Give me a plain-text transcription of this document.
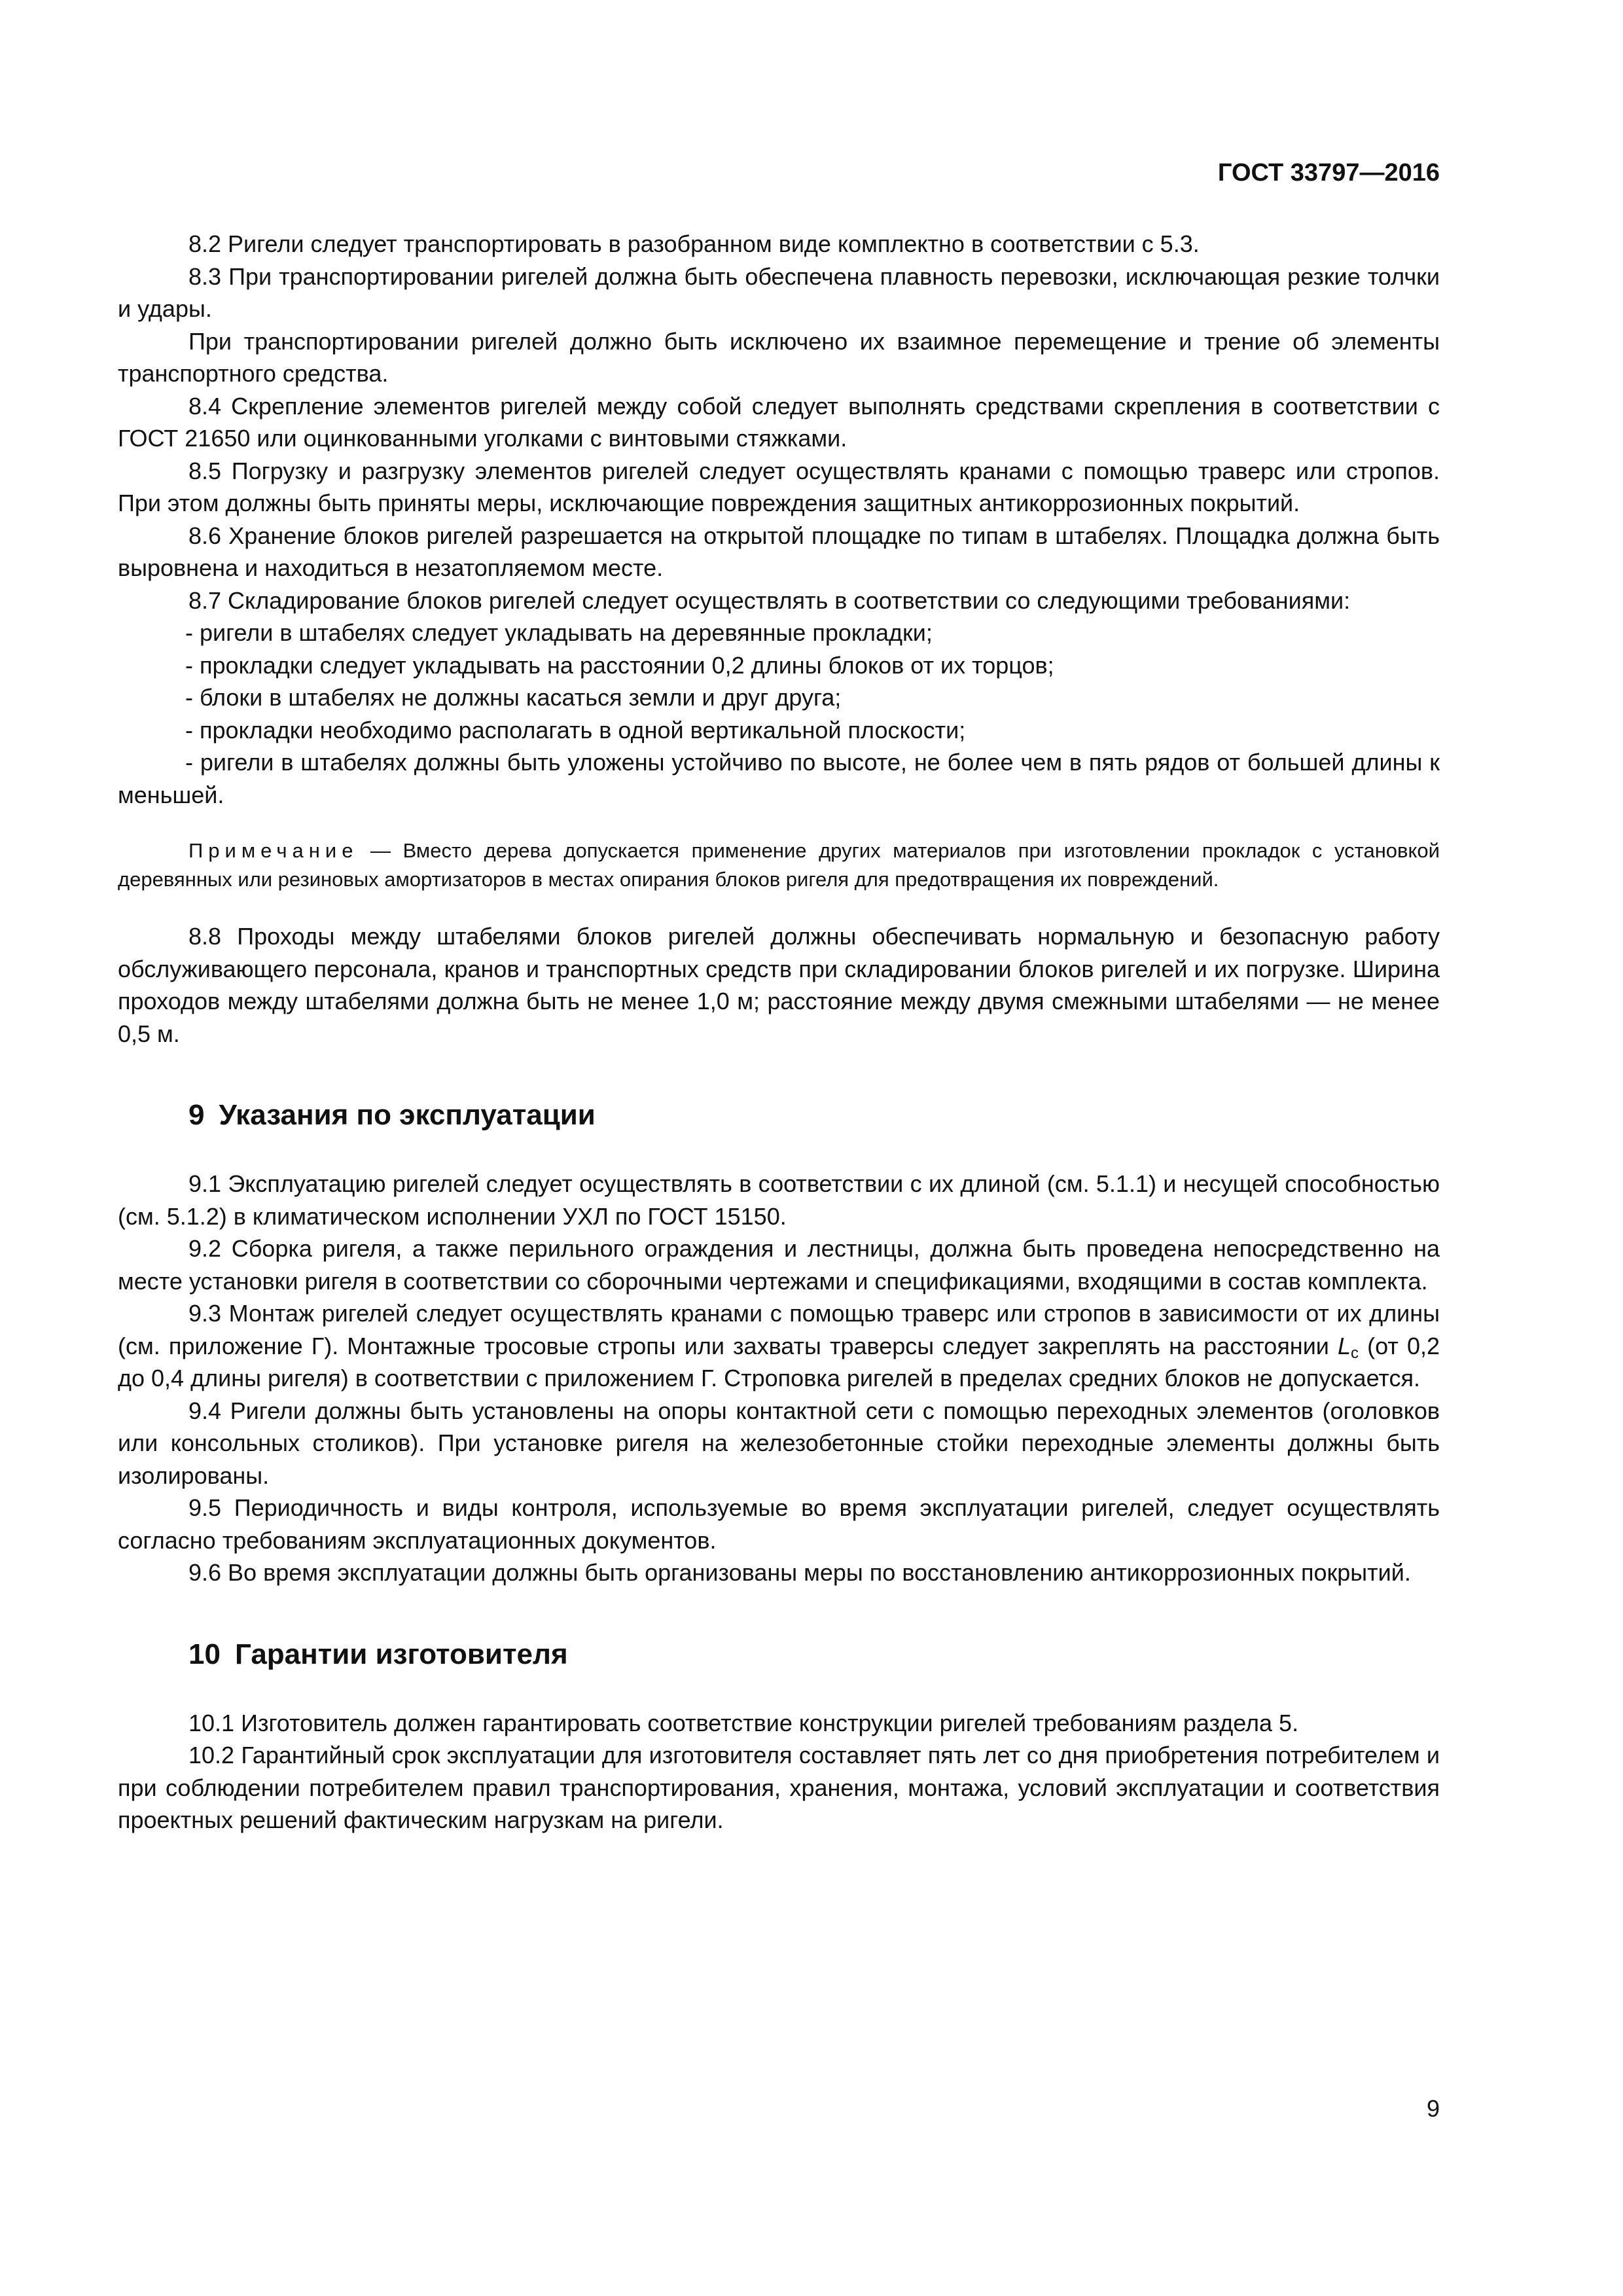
ГОСТ 33797—2016

8.2 Ригели следует транспортировать в разобранном виде комплектно в соответствии с 5.3.

8.3 При транспортировании ригелей должна быть обеспечена плавность перевозки, исключающая резкие толчки и удары.

При транспортировании ригелей должно быть исключено их взаимное перемещение и трение об элементы транспортного средства.

8.4 Скрепление элементов ригелей между собой следует выполнять средствами скрепления в соответствии с ГОСТ 21650 или оцинкованными уголками с винтовыми стяжками.

8.5 Погрузку и разгрузку элементов ригелей следует осуществлять кранами с помощью траверс или стропов. При этом должны быть приняты меры, исключающие повреждения защитных антикоррозионных покрытий.

8.6 Хранение блоков ригелей разрешается на открытой площадке по типам в штабелях. Площадка должна быть выровнена и находиться в незатопляемом месте.

8.7 Складирование блоков ригелей следует осуществлять в соответствии со следующими требованиями:

- ригели в штабелях следует укладывать на деревянные прокладки;

- прокладки следует укладывать на расстоянии 0,2 длины блоков от их торцов;

- блоки в штабелях не должны касаться земли и друг друга;

- прокладки необходимо располагать в одной вертикальной плоскости;

- ригели в штабелях должны быть уложены устойчиво по высоте, не более чем в пять рядов от большей длины к меньшей.

Примечание — Вместо дерева допускается применение других материалов при изготовлении прокладок с установкой деревянных или резиновых амортизаторов в местах опирания блоков ригеля для предотвращения их повреждений.

8.8 Проходы между штабелями блоков ригелей должны обеспечивать нормальную и безопасную работу обслуживающего персонала, кранов и транспортных средств при складировании блоков ригелей и их погрузке. Ширина проходов между штабелями должна быть не менее 1,0 м; расстояние между двумя смежными штабелями — не менее 0,5 м.

9 Указания по эксплуатации

9.1 Эксплуатацию ригелей следует осуществлять в соответствии с их длиной (см. 5.1.1) и несущей способностью (см. 5.1.2) в климатическом исполнении УХЛ по ГОСТ 15150.

9.2 Сборка ригеля, а также перильного ограждения и лестницы, должна быть проведена непосредственно на месте установки ригеля в соответствии со сборочными чертежами и спецификациями, входящими в состав комплекта.

9.3 Монтаж ригелей следует осуществлять кранами с помощью траверс или стропов в зависимости от их длины (см. приложение Г). Монтажные тросовые стропы или захваты траверсы следует закреплять на расстоянии $L_c$ (от 0,2 до 0,4 длины ригеля) в соответствии с приложением Г. Строповка ригелей в пределах средних блоков не допускается.

9.4 Ригели должны быть установлены на опоры контактной сети с помощью переходных элементов (оголовков или консольных столиков). При установке ригеля на железобетонные стойки переходные элементы должны быть изолированы.

9.5 Периодичность и виды контроля, используемые во время эксплуатации ригелей, следует осуществлять согласно требованиям эксплуатационных документов.

9.6 Во время эксплуатации должны быть организованы меры по восстановлению антикоррозионных покрытий.

10 Гарантии изготовителя

10.1 Изготовитель должен гарантировать соответствие конструкции ригелей требованиям раздела 5.

10.2 Гарантийный срок эксплуатации для изготовителя составляет пять лет со дня приобретения потребителем и при соблюдении потребителем правил транспортирования, хранения, монтажа, условий эксплуатации и соответствия проектных решений фактическим нагрузкам на ригели.

9
